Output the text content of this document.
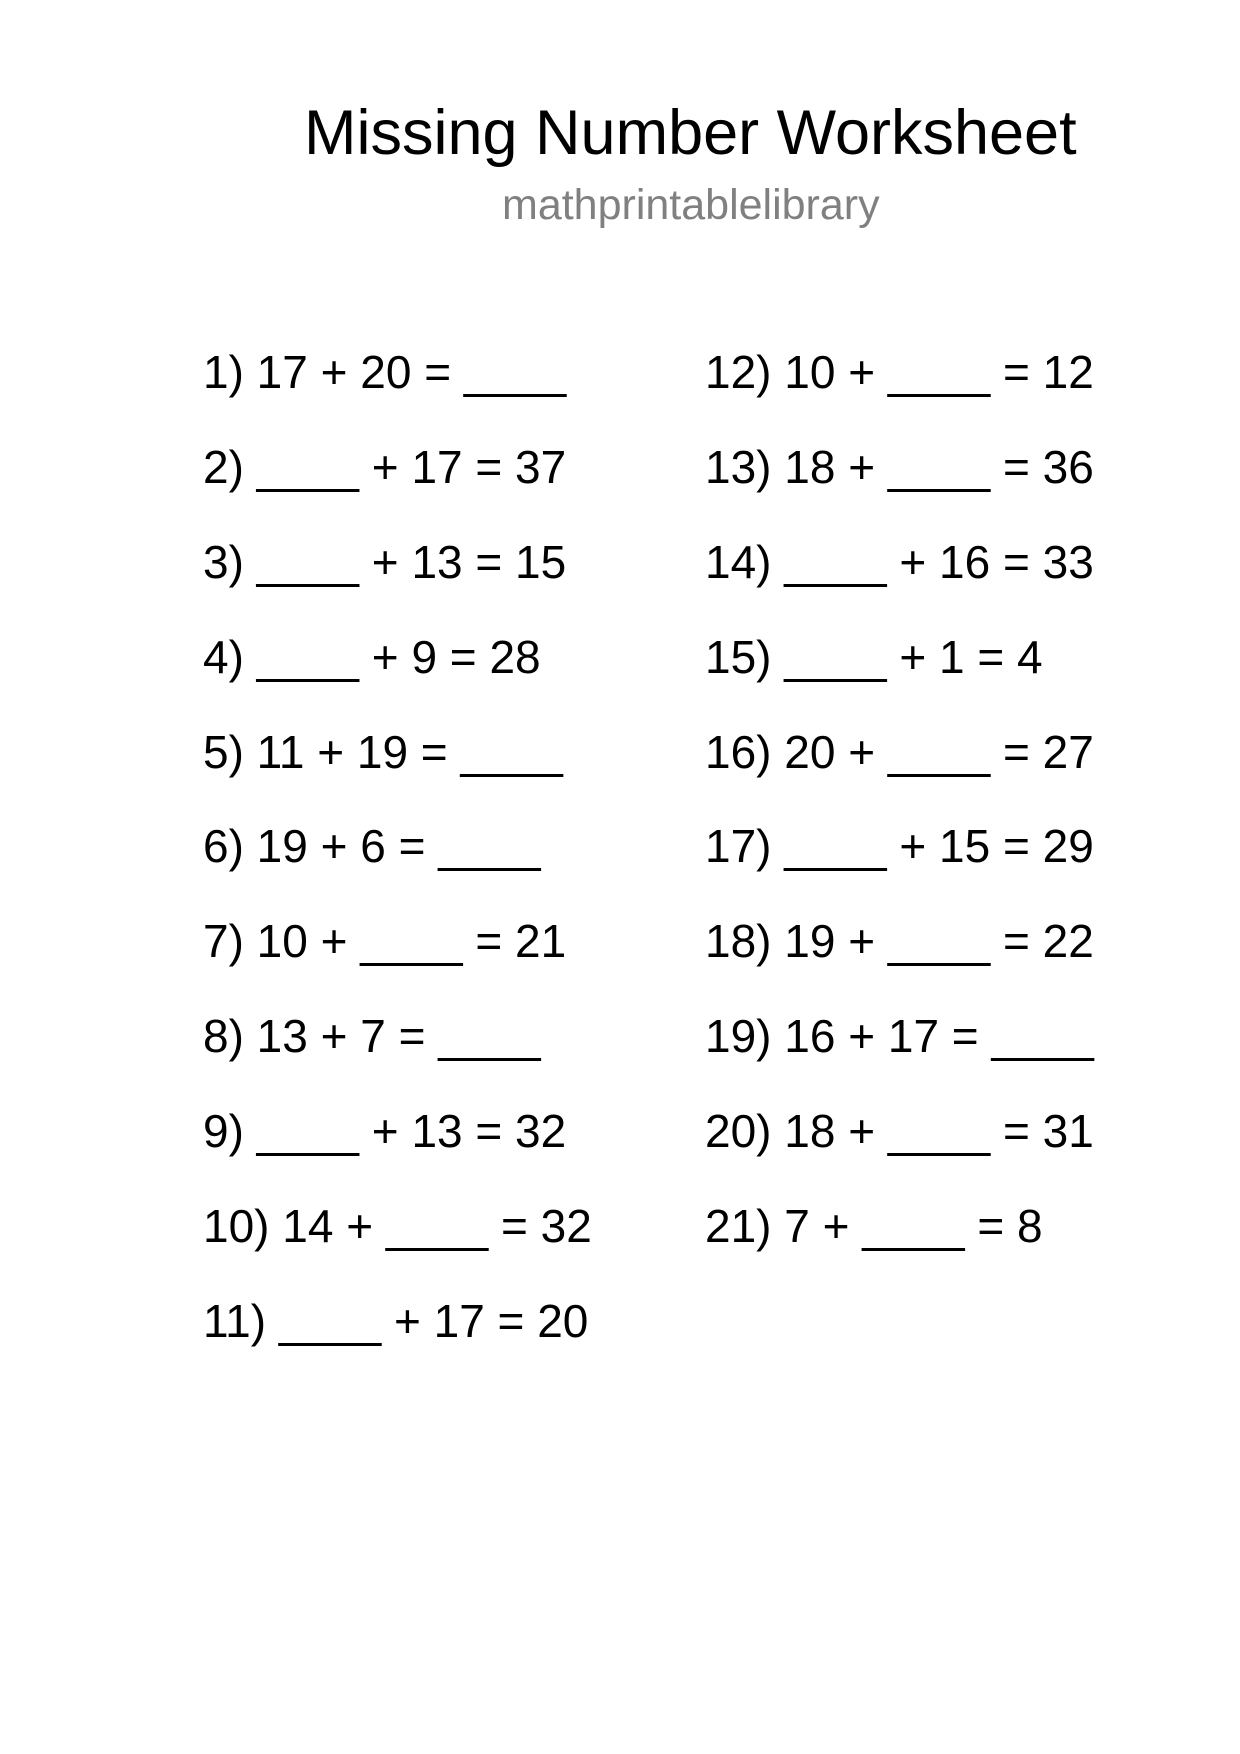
Missing Number Worksheet
mathprintablelibrary
1) 17 + 20 = ____
2) ____ + 17 = 37
3) ____ + 13 = 15
4) ____ + 9 = 28
5) 11 + 19 = ____
6) 19 + 6 = ____
7) 10 + ____ = 21
8) 13 + 7 = ____
9) ____ + 13 = 32
10) 14 + ____ = 32
11) ____ + 17 = 20
12) 10 + ____ = 12
13) 18 + ____ = 36
14) ____ + 16 = 33
15) ____ + 1 = 4
16) 20 + ____ = 27
17) ____ + 15 = 29
18) 19 + ____ = 22
19) 16 + 17 = ____
20) 18 + ____ = 31
21) 7 + ____ = 8
